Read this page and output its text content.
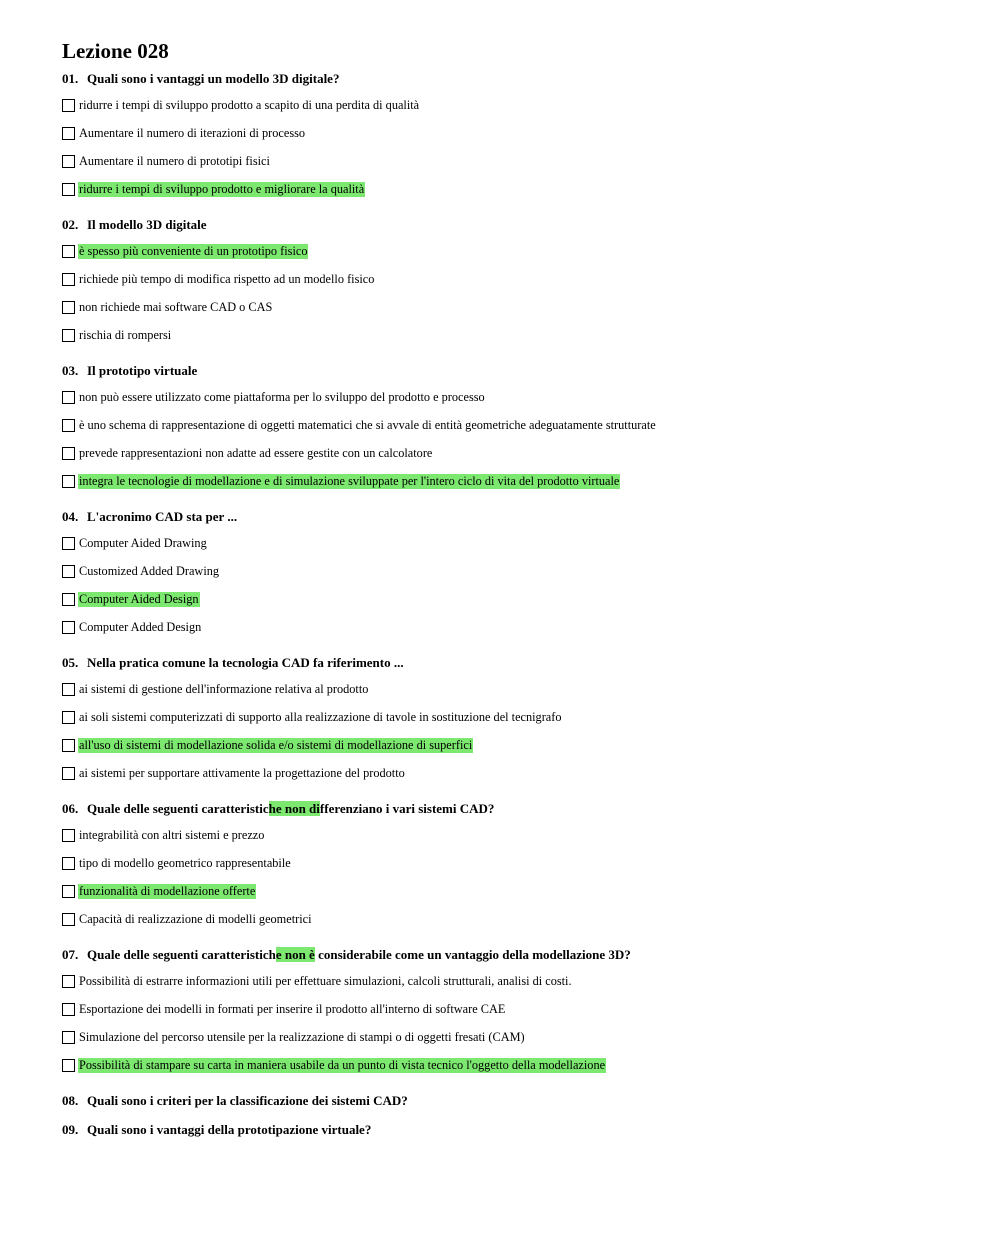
Lezione 028
01. Quali sono i vantaggi un modello 3D digitale?
ridurre i tempi di sviluppo prodotto a scapito di una perdita di qualità
Aumentare il numero di iterazioni di processo
Aumentare il numero di prototipi fisici
ridurre i tempi di sviluppo prodotto e migliorare la qualità
02. Il modello 3D digitale
è spesso più conveniente di un prototipo fisico
richiede più tempo di modifica rispetto ad un modello fisico
non richiede mai software CAD o CAS
rischia di rompersi
03. Il prototipo virtuale
non può essere utilizzato come piattaforma per lo sviluppo del prodotto e processo
è uno schema di rappresentazione di oggetti matematici che si avvale di entità geometriche adeguatamente strutturate
prevede rappresentazioni non adatte ad essere gestite con un calcolatore
integra le tecnologie di modellazione e di simulazione sviluppate per l'intero ciclo di vita del prodotto virtuale
04. L'acronimo CAD sta per ...
Computer Aided Drawing
Customized Added Drawing
Computer Aided Design
Computer Added Design
05. Nella pratica comune la tecnologia CAD fa riferimento ...
ai sistemi di gestione dell'informazione relativa al prodotto
ai soli sistemi computerizzati di supporto alla realizzazione di tavole in sostituzione del tecnigrafo
all'uso di sistemi di modellazione solida e/o sistemi di modellazione di superfici
ai sistemi per supportare attivamente la progettazione del prodotto
06. Quale delle seguenti caratteristiche non differenziano i vari sistemi CAD?
integrabilità con altri sistemi e prezzo
tipo di modello geometrico rappresentabile
funzionalità di modellazione offerte
Capacità di realizzazione di modelli geometrici
07. Quale delle seguenti caratteristiche non è considerabile come un vantaggio della modellazione 3D?
Possibilità di estrarre informazioni utili per effettuare simulazioni, calcoli strutturali, analisi di costi.
Esportazione dei modelli in formati per inserire il prodotto all'interno di software CAE
Simulazione del percorso utensile per la realizzazione di stampi o di oggetti fresati (CAM)
Possibilità di stampare su carta in maniera usabile da un punto di vista tecnico l'oggetto della modellazione
08. Quali sono i criteri per la classificazione dei sistemi CAD?
09. Quali sono i vantaggi della prototipazione virtuale?
